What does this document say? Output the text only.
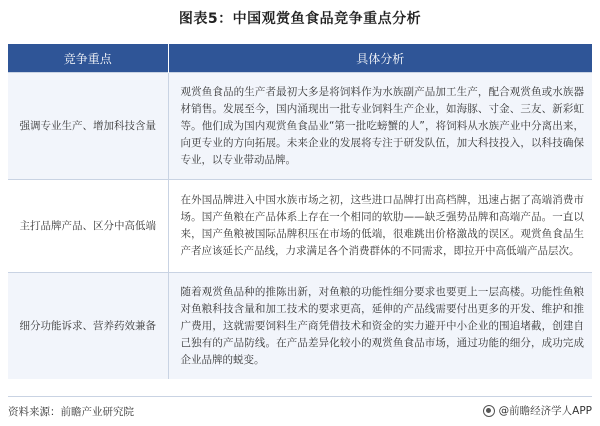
图表5：中国观赏鱼食品竞争重点分析
竞争重点	具体分析
强调专业生产、增加科技含量	观赏鱼食品的生产者最初大多是将饲料作为水族副产品加工生产，配合观赏鱼或水族器材销售。发展至今，国内涌现出一批专业饲料生产企业，如海豚、寸金、三友、新彩虹等。他们成为国内观赏鱼食品业“第一批吃螃蟹的人”，将饲料从水族产业中分离出来，向更专业的方向拓展。未来企业的发展将专注于研发队伍，加大科技投入，以科技确保专业，以专业带动品牌。
主打品牌产品、区分中高低端	在外国品牌进入中国水族市场之初，这些进口品牌打出高档牌，迅速占据了高端消费市场。国产鱼粮在产品体系上存在一个相同的软肋——缺乏强势品牌和高端产品。一直以来，国产鱼粮被国际品牌积压在市场的低端，很难跳出价格激战的误区。观赏鱼食品生产者应该延长产品线，力求满足各个消费群体的不同需求，即拉开中高低端产品层次。
细分功能诉求、营养药效兼备	随着观赏鱼品种的推陈出新，对鱼粮的功能性细分要求也要更上一层高楼。功能性鱼粮对鱼粮科技含量和加工技术的要求更高，延伸的产品线需要付出更多的开发、维护和推广费用，这就需要饲料生产商凭借技术和资金的实力避开中小企业的围追堵截，创建自己独有的产品防线。在产品差异化较小的观赏鱼食品市场，通过功能的细分，成功完成企业品牌的蜕变。
资料来源：前瞻产业研究院	@前瞻经济学人APP
